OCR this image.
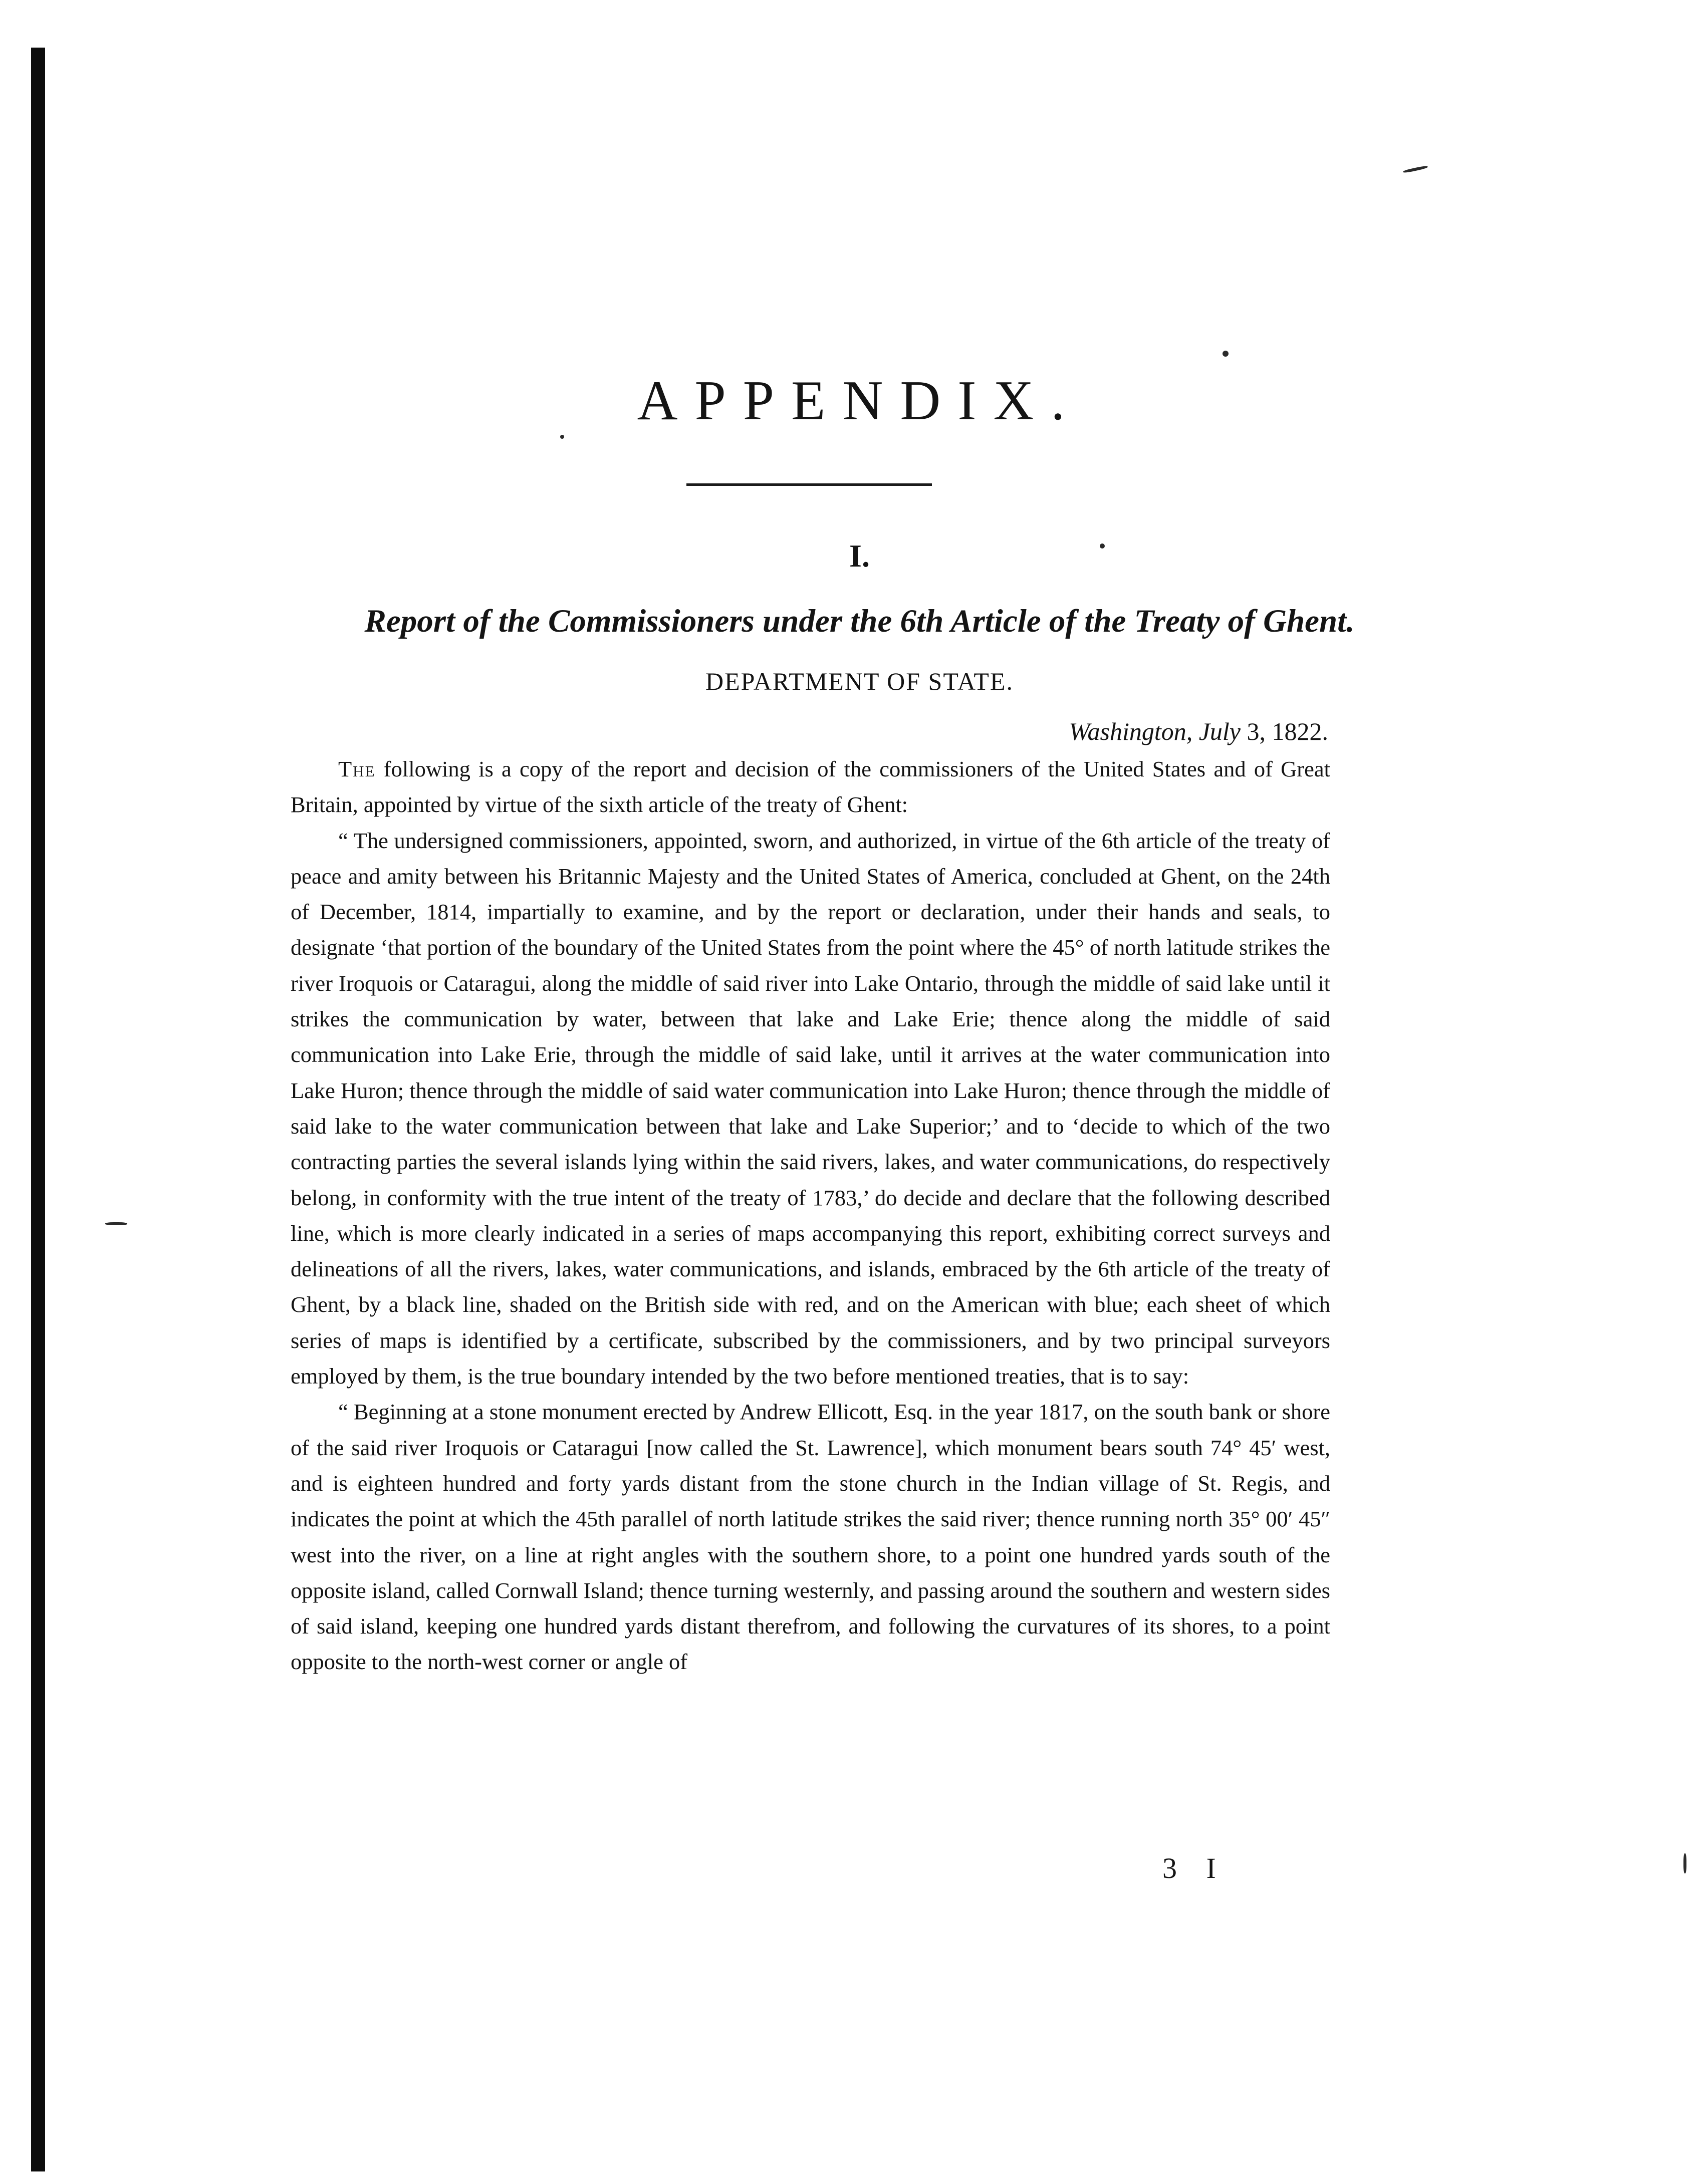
APPENDIX.
I.
Report of the Commissioners under the 6th Article of the Treaty of Ghent.
DEPARTMENT OF STATE.
Washington, July 3, 1822.

The following is a copy of the report and decision of the commissioners of the United States and of Great Britain, appointed by virtue of the sixth article of the treaty of Ghent:

“ The undersigned commissioners, appointed, sworn, and authorized, in virtue of the 6th article of the treaty of peace and amity between his Britannic Majesty and the United States of America, concluded at Ghent, on the 24th of December, 1814, impartially to examine, and by the report or declaration, under their hands and seals, to designate ‘that portion of the boundary of the United States from the point where the 45° of north latitude strikes the river Iroquois or Cataragui, along the middle of said river into Lake Ontario, through the middle of said lake until it strikes the communication by water, between that lake and Lake Erie; thence along the middle of said communication into Lake Erie, through the middle of said lake, until it arrives at the water communication into Lake Huron; thence through the middle of said water communication into Lake Huron; thence through the middle of said lake to the water communication between that lake and Lake Superior;’ and to ‘decide to which of the two contracting parties the several islands lying within the said rivers, lakes, and water communications, do respectively belong, in conformity with the true intent of the treaty of 1783,’ do decide and declare that the following described line, which is more clearly indicated in a series of maps accompanying this report, exhibiting correct surveys and delineations of all the rivers, lakes, water communications, and islands, embraced by the 6th article of the treaty of Ghent, by a black line, shaded on the British side with red, and on the American with blue; each sheet of which series of maps is identified by a certificate, subscribed by the commissioners, and by two principal surveyors employed by them, is the true boundary intended by the two before mentioned treaties, that is to say:

“ Beginning at a stone monument erected by Andrew Ellicott, Esq. in the year 1817, on the south bank or shore of the said river Iroquois or Cataragui [now called the St. Lawrence], which monument bears south 74° 45′ west, and is eighteen hundred and forty yards distant from the stone church in the Indian village of St. Regis, and indicates the point at which the 45th parallel of north latitude strikes the said river; thence running north 35° 00′ 45″ west into the river, on a line at right angles with the southern shore, to a point one hundred yards south of the opposite island, called Cornwall Island; thence turning westernly, and passing around the southern and western sides of said island, keeping one hundred yards distant therefrom, and following the curvatures of its shores, to a point opposite to the north-west corner or angle of

3 I
